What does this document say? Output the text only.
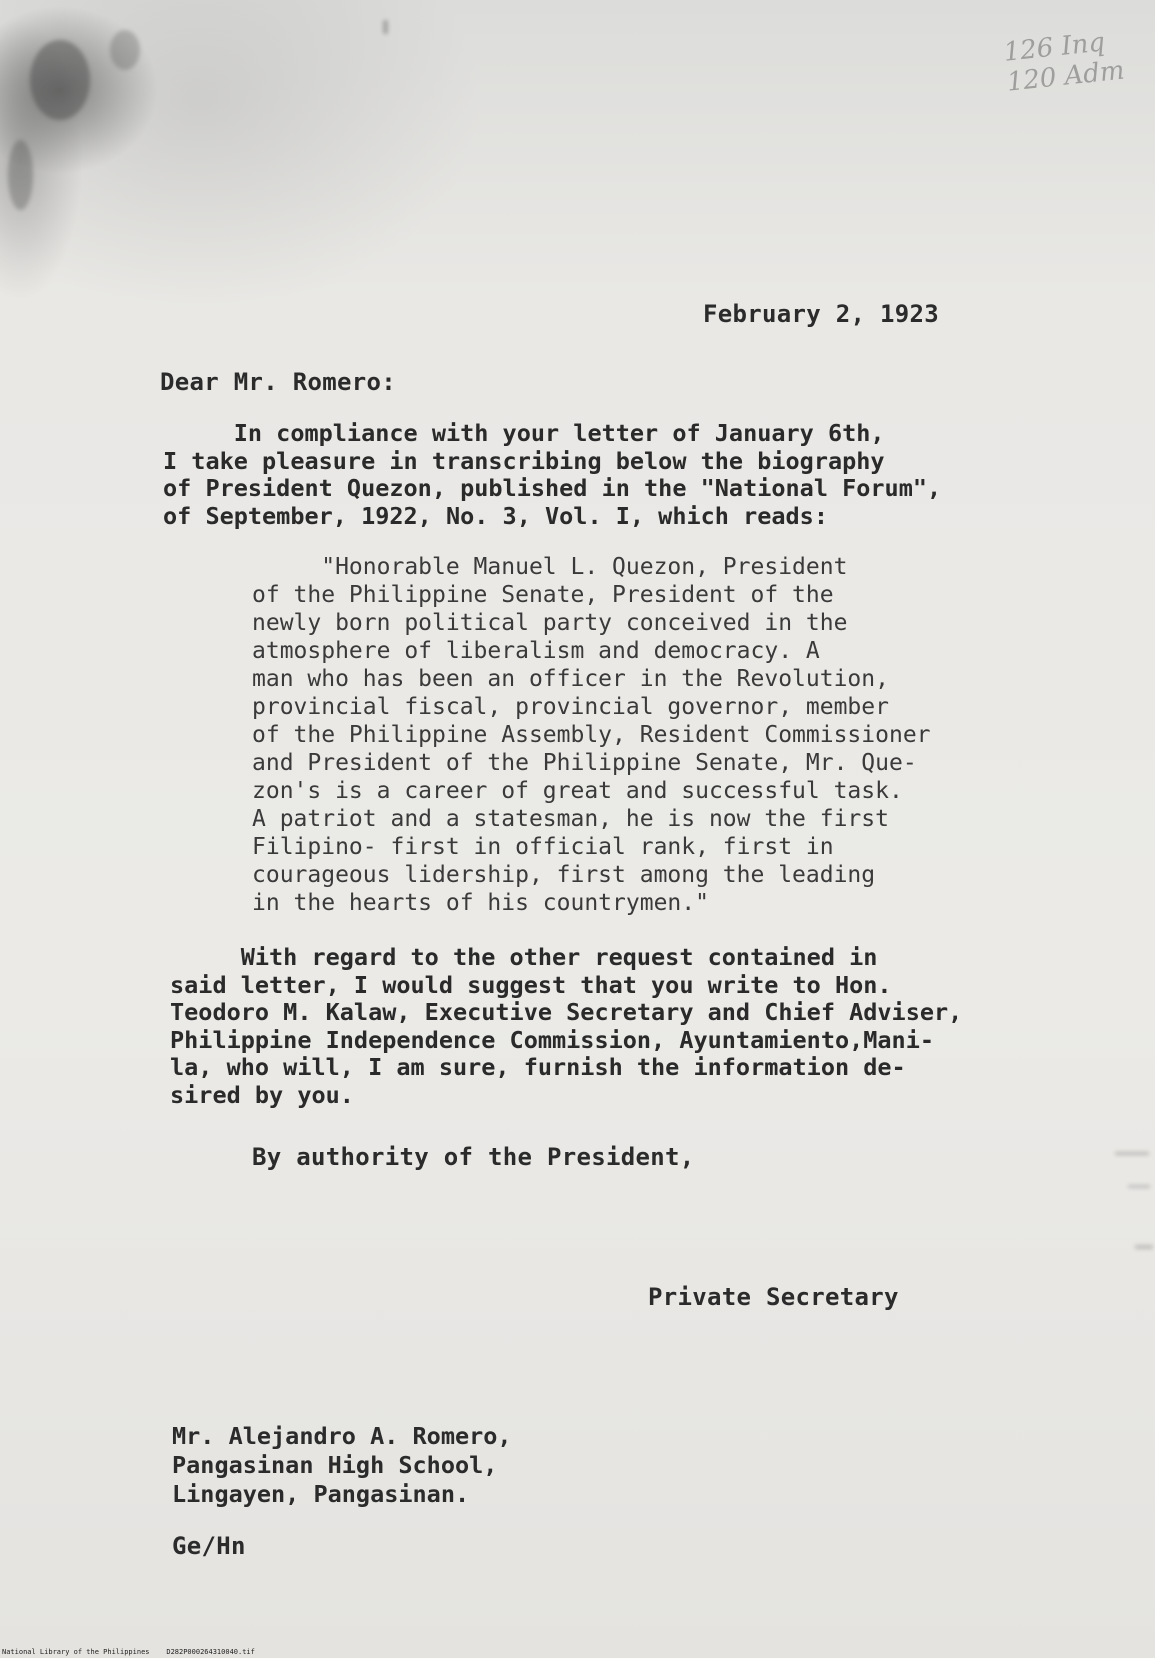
126 Inq
120 Adm
February 2, 1923
Dear Mr. Romero:

In compliance with your letter of January 6th,
I take pleasure in transcribing below the biography
of President Quezon, published in the "National Forum",
of September, 1922, No. 3, Vol. I, which reads:

"Honorable Manuel L. Quezon, President
of the Philippine Senate, President of the
newly born political party conceived in the
atmosphere of liberalism and democracy. A
man who has been an officer in the Revolution,
provincial fiscal, provincial governor, member
of the Philippine Assembly, Resident Commissioner
and President of the Philippine Senate, Mr. Que-
zon's is a career of great and successful task.
A patriot and a statesman, he is now the first
Filipino- first in official rank, first in
courageous lidership, first among the leading
in the hearts of his countrymen."

With regard to the other request contained in
said letter, I would suggest that you write to Hon.
Teodoro M. Kalaw, Executive Secretary and Chief Adviser,
Philippine Independence Commission, Ayuntamiento,Mani-
la, who will, I am sure, furnish the information de-
sired by you.

By authority of the President,
Private Secretary

Mr. Alejandro A. Romero,
Pangasinan High School,
Lingayen, Pangasinan.

Ge/Hn
National Library of the Philippines    D282P000264310040.tif
